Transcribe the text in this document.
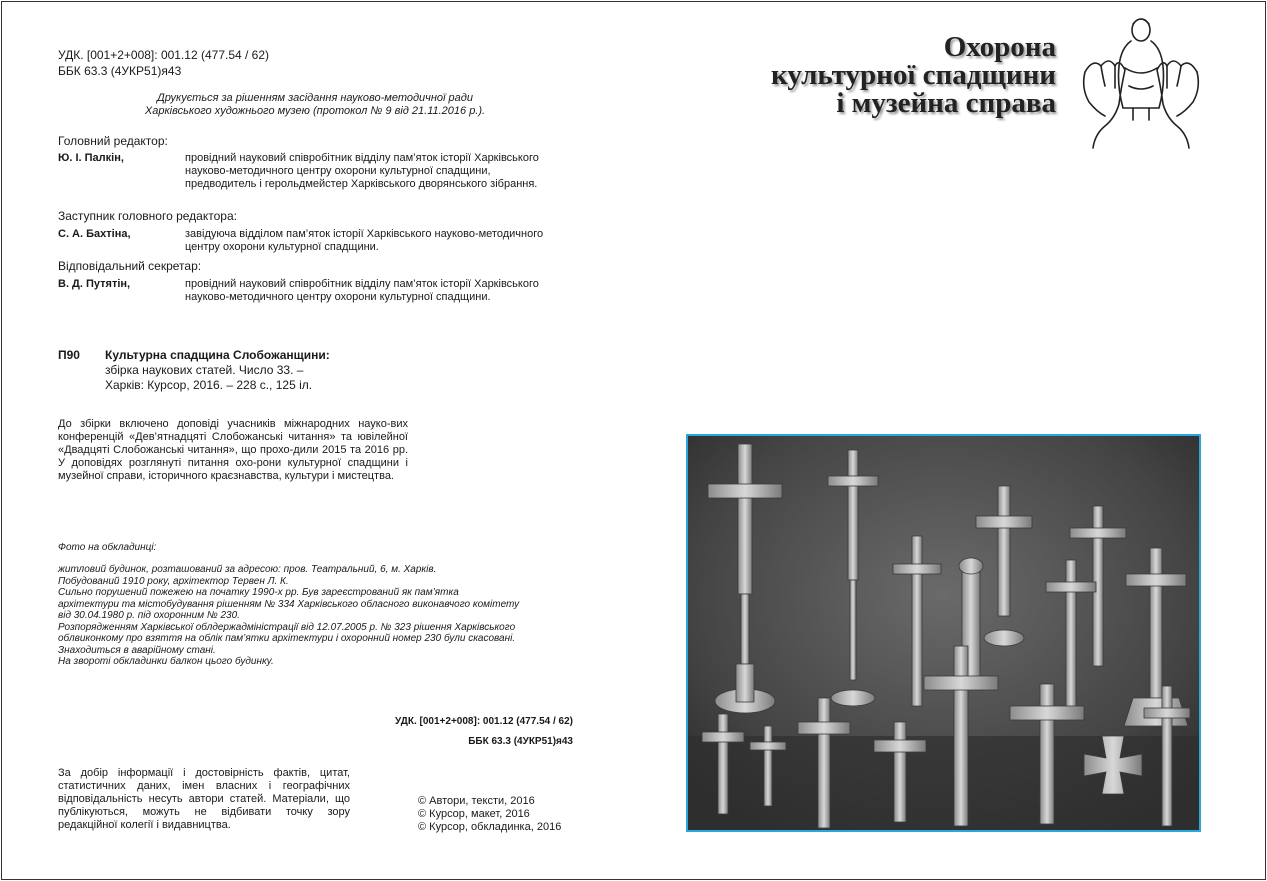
УДК. [001+2+008]: 001.12 (477.54 / 62)
ББК 63.3 (4УКР51)я43
Друкується за рішенням засідання науково-методичної ради
Харківського художнього музею (протокол № 9 від 21.11.2016 р.).
Головний редактор:
Ю. І. Палкін,	провідний науковий співробітник відділу пам’яток історії Харківського науково-методичного центру охорони культурної спадщини, предводитель і герольдмейстер Харківського дворянського зібрання.
Заступник головного редактора:
С. А. Бахтіна,	завідуюча відділом пам’яток історії Харківського науково-методичного центру охорони культурної спадщини.
Відповідальний секретар:
В. Д. Путятін,	провідний науковий співробітник відділу пам’яток історії Харківського науково-методичного центру охорони культурної спадщини.
П90 Культурна спадщина Слобожанщини:
збірка наукових статей. Число 33. –
Харків: Курсор, 2016. – 228 с., 125 іл.
До збірки включено доповіді учасників міжнародних науко-вих конференцій «Дев’ятнадцяті Слобожанські читання» та ювілейної «Двадцяті Слобожанські читання», що прохо-дили 2015 та 2016 рр. У доповідях розглянуті питання охо-рони культурної спадщини і музейної справи, історичного краєзнавства, культури і мистецтва.
Фото на обкладинці:
житловий будинок, розташований за адресою: пров. Театральний, 6, м. Харків.
Побудований 1910 року, архітектор Тервен Л. К.
Сильно порушений пожежею на початку 1990-х рр. Був зареєстрований як пам’ятка
архітектури та містобудування рішенням № 334 Харківського обласного виконавчого комітету
від 30.04.1980 р. під охоронним № 230.
Розпорядженням Харківської облдержадміністрації від 12.07.2005 р. № 323 рішення Харківського
облвиконкому про взяття на облік пам’ятки архітектури і охоронний номер 230 були скасовані.
Знаходиться в аварійному стані.
На звороті обкладинки балкон цього будинку.
УДК. [001+2+008]: 001.12 (477.54 / 62)
ББК 63.3 (4УКР51)я43
За добір інформації і достовірність фактів, цитат, статистичних даних, імен власних і географічних відповідальність несуть автори статей. Матеріали, що публікуються, можуть не відбивати точку зору редакційної колегії і видавництва.
© Автори, тексти, 2016
© Курсор, макет, 2016
© Курсор, обкладинка, 2016
Охорона
культурної спадщини
і музейна справа
